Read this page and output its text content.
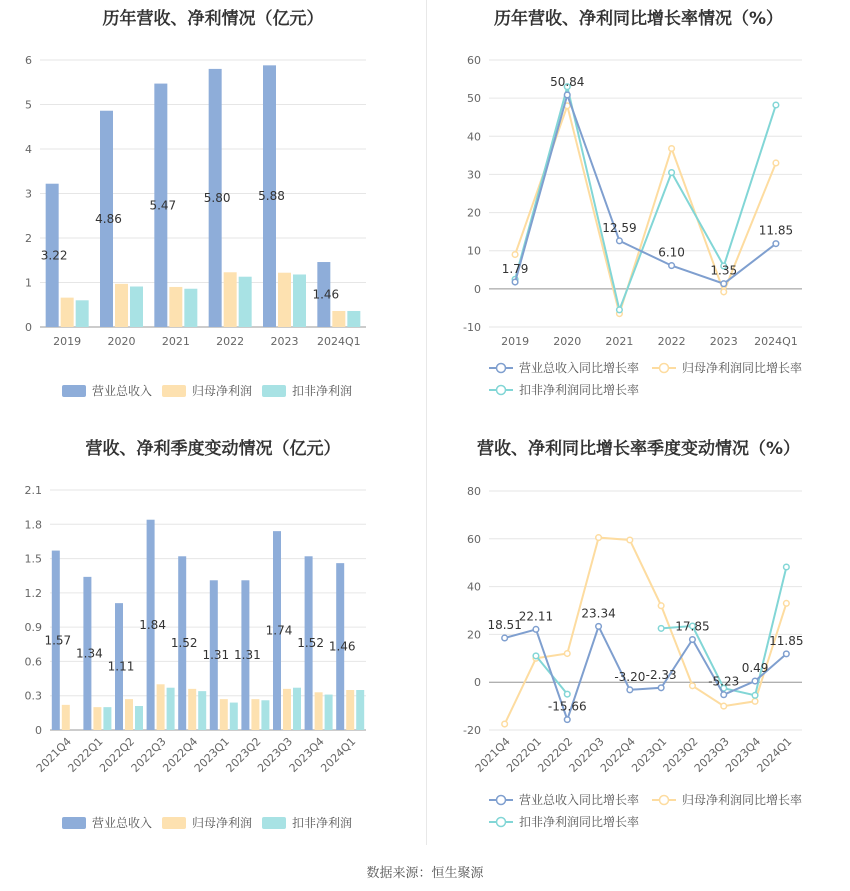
历年营收、净利情况（亿元）
0
1
2
3
4
5
6
2019 2020 2021 2022 2023 2024Q1
3.22
4.86
5.47
5.80 5.88
1.46
营业总收入	归母净利润	扣非净利润
历年营收、净利同比增长率情况（%）
-10
0
10
20
30
40
50
60
2019 2020 2021 2022 2023 2024Q1
1.79
50.84
12.59
6.10
1.35
11.85
营业总收入同比增长率	归母净利润同比增长率
扣非净利润同比增长率
营收、净利季度变动情况（亿元）
0
0.3
0.6
0.9
1.2
1.5
1.8
2.1
2021Q4
2022Q1
2022Q2
2022Q3
2022Q4
2023Q1
2023Q2
2023Q3
2023Q4
2024Q1
1.57
1.34
1.11
1.84
1.52
1.31 1.31
1.74
1.52 1.46
营业总收入	归母净利润	扣非净利润
营收、净利同比增长率季度变动情况（%）
-20
0
20
40
60
80
2021Q4
2022Q1
2022Q2
2022Q3
2022Q4
2023Q1
2023Q2
2023Q3
2023Q4
2024Q1
18.51
22.11
-15.66
23.34
-3.20 -2.33
17.85
-5.23
0.49
11.85
营业总收入同比增长率	归母净利润同比增长率
扣非净利润同比增长率
数据来源：恒生聚源
